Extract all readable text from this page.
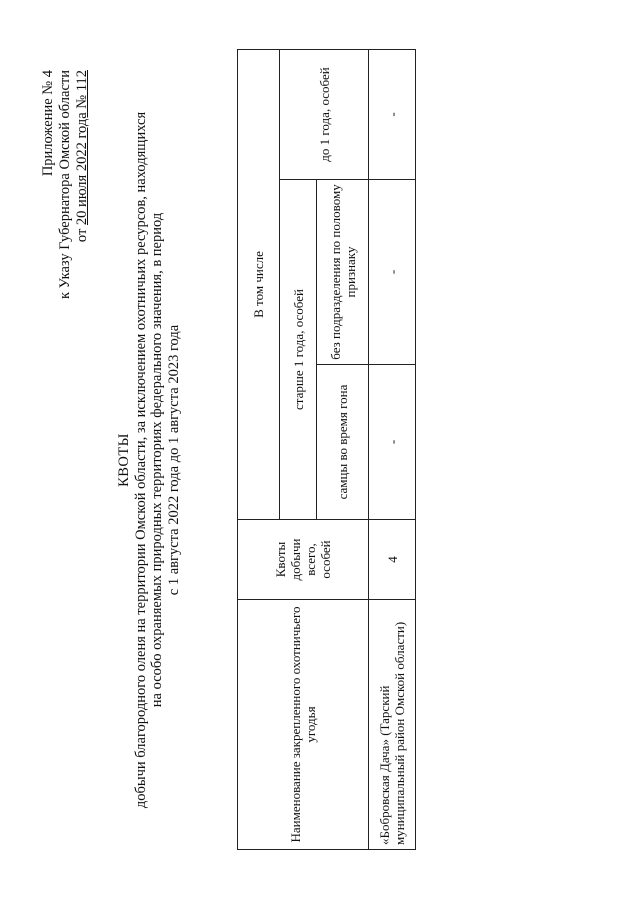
Приложение № 4 к Указу Губернатора Омской области от 20 июля 2022 года № 112
КВОТЫ добычи благородного оленя на территории Омской области, за исключением охотничьих ресурсов, находящихся на особо охраняемых природных территориях федерального значения, в период с 1 августа 2022 года до 1 августа 2023 года
Наименование закрепленного охотничьего угодья	Квоты добычи всего, особей	В том числе		
		старше 1 года, особей		до 1 года, особей
		самцы во время гона	без подразделения по половому признаку	
«Бобровская Дача» (Тарский муниципальный район Омской области)	4	-	-	-
